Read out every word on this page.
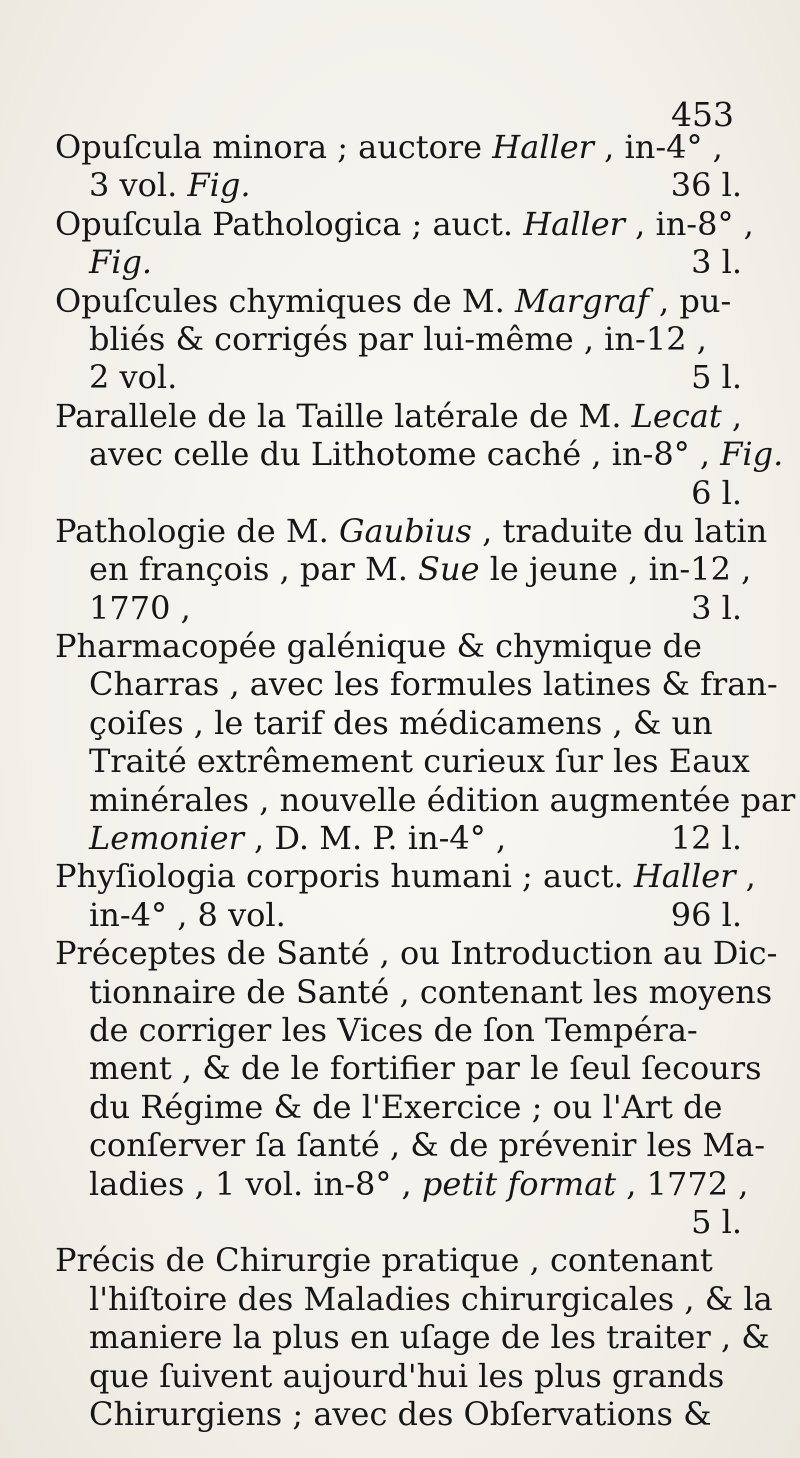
453
Opuſcula minora ; auctore Haller , in-4° ,
3 vol. Fig.	36 l.
Opuſcula Pathologica ; auct. Haller , in-8° ,
Fig.	3 l.
Opuſcules chymiques de M. Margraf , pu-
bliés & corrigés par lui-même , in-12 ,
2 vol.	5 l.
Parallele de la Taille latérale de M. Lecat ,
avec celle du Lithotome caché , in-8° , Fig.
6 l.
Pathologie de M. Gaubius , traduite du latin
en françois , par M. Sue le jeune , in-12 ,
1770 ,	3 l.
Pharmacopée galénique & chymique de
Charras , avec les formules latines & fran-
çoiſes , le tarif des médicamens , & un
Traité extrêmement curieux ſur les Eaux
minérales , nouvelle édition augmentée par
Lemonier , D. M. P. in-4° ,	12 l.
Phyſiologia corporis humani ; auct. Haller ,
in-4° , 8 vol.	96 l.
Préceptes de Santé , ou Introduction au Dic-
tionnaire de Santé , contenant les moyens
de corriger les Vices de ſon Tempéra-
ment , & de le fortifier par le ſeul ſecours
du Régime & de l'Exercice ; ou l'Art de
conſerver ſa ſanté , & de prévenir les Ma-
ladies , 1 vol. in-8° , petit format , 1772 ,
5 l.
Précis de Chirurgie pratique , contenant
l'hiſtoire des Maladies chirurgicales , & la
maniere la plus en uſage de les traiter , &
que ſuivent aujourd'hui les plus grands
Chirurgiens ; avec des Obſervations &
